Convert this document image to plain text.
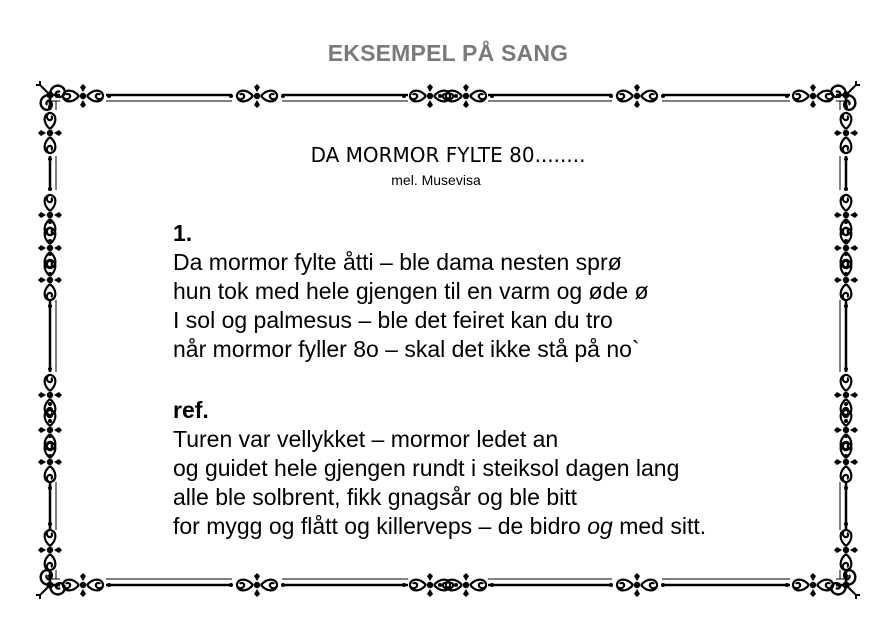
EKSEMPEL PÅ SANG
DA MORMOR FYLTE 80........
mel. Musevisa
1.
Da mormor fylte åtti – ble dama nesten sprø
hun tok med hele gjengen til en varm og øde ø
I sol og palmesus – ble det feiret kan du tro
når mormor fyller 8o – skal det ikke stå på no`
ref.
Turen var vellykket – mormor ledet an
og guidet hele gjengen rundt i steiksol dagen lang
alle ble solbrent, fikk gnagsår og ble bitt
for mygg og flått og killerveps – de bidro og med sitt.
